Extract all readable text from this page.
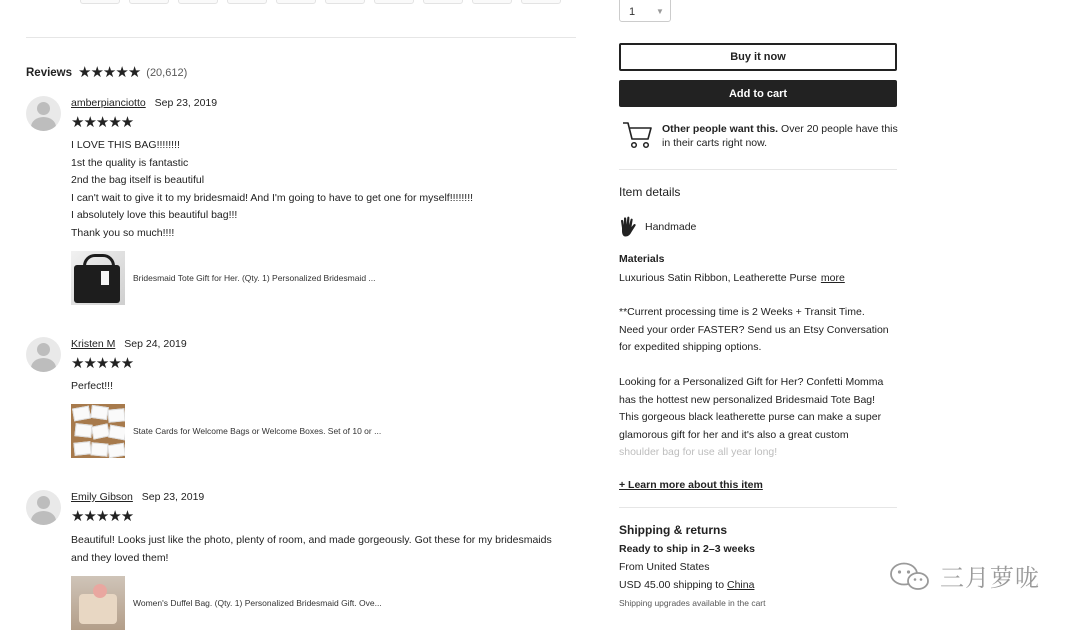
Reviews ★★★★★ (20,612)
amberpianciotto Sep 23, 2019
★★★★★
I LOVE THIS BAG!!!!!!!!
1st the quality is fantastic
2nd the bag itself is beautiful
I can't wait to give it to my bridesmaid! And I'm going to have to get one for myself!!!!!!!!
I absolutely love this beautiful bag!!!
Thank you so much!!!!
Bridesmaid Tote Gift for Her. (Qty. 1) Personalized Bridesmaid ...
Kristen M Sep 24, 2019
★★★★★
Perfect!!!
State Cards for Welcome Bags or Welcome Boxes. Set of 10 or ...
Emily Gibson Sep 23, 2019
★★★★★
Beautiful! Looks just like the photo, plenty of room, and made gorgeously. Got these for my bridesmaids
and they loved them!
Women's Duffel Bag. (Qty. 1) Personalized Bridesmaid Gift. Ove...
1	▼
Buy it now
Add to cart
Other people want this. Over 20 people have this in their carts right now.
Item details
Handmade
Materials
Luxurious Satin Ribbon, Leatherette Purse more
**Current processing time is 2 Weeks + Transit Time.
Need your order FASTER? Send us an Etsy Conversation
for expedited shipping options.
Looking for a Personalized Gift for Her? Confetti Momma
has the hottest new personalized Bridesmaid Tote Bag!
This gorgeous black leatherette purse can make a super
glamorous gift for her and it's also a great custom
shoulder bag for use all year long!
+ Learn more about this item
Shipping & returns
Ready to ship in 2–3 weeks
From United States
USD 45.00 shipping to China
Shipping upgrades available in the cart
三月萝咙
